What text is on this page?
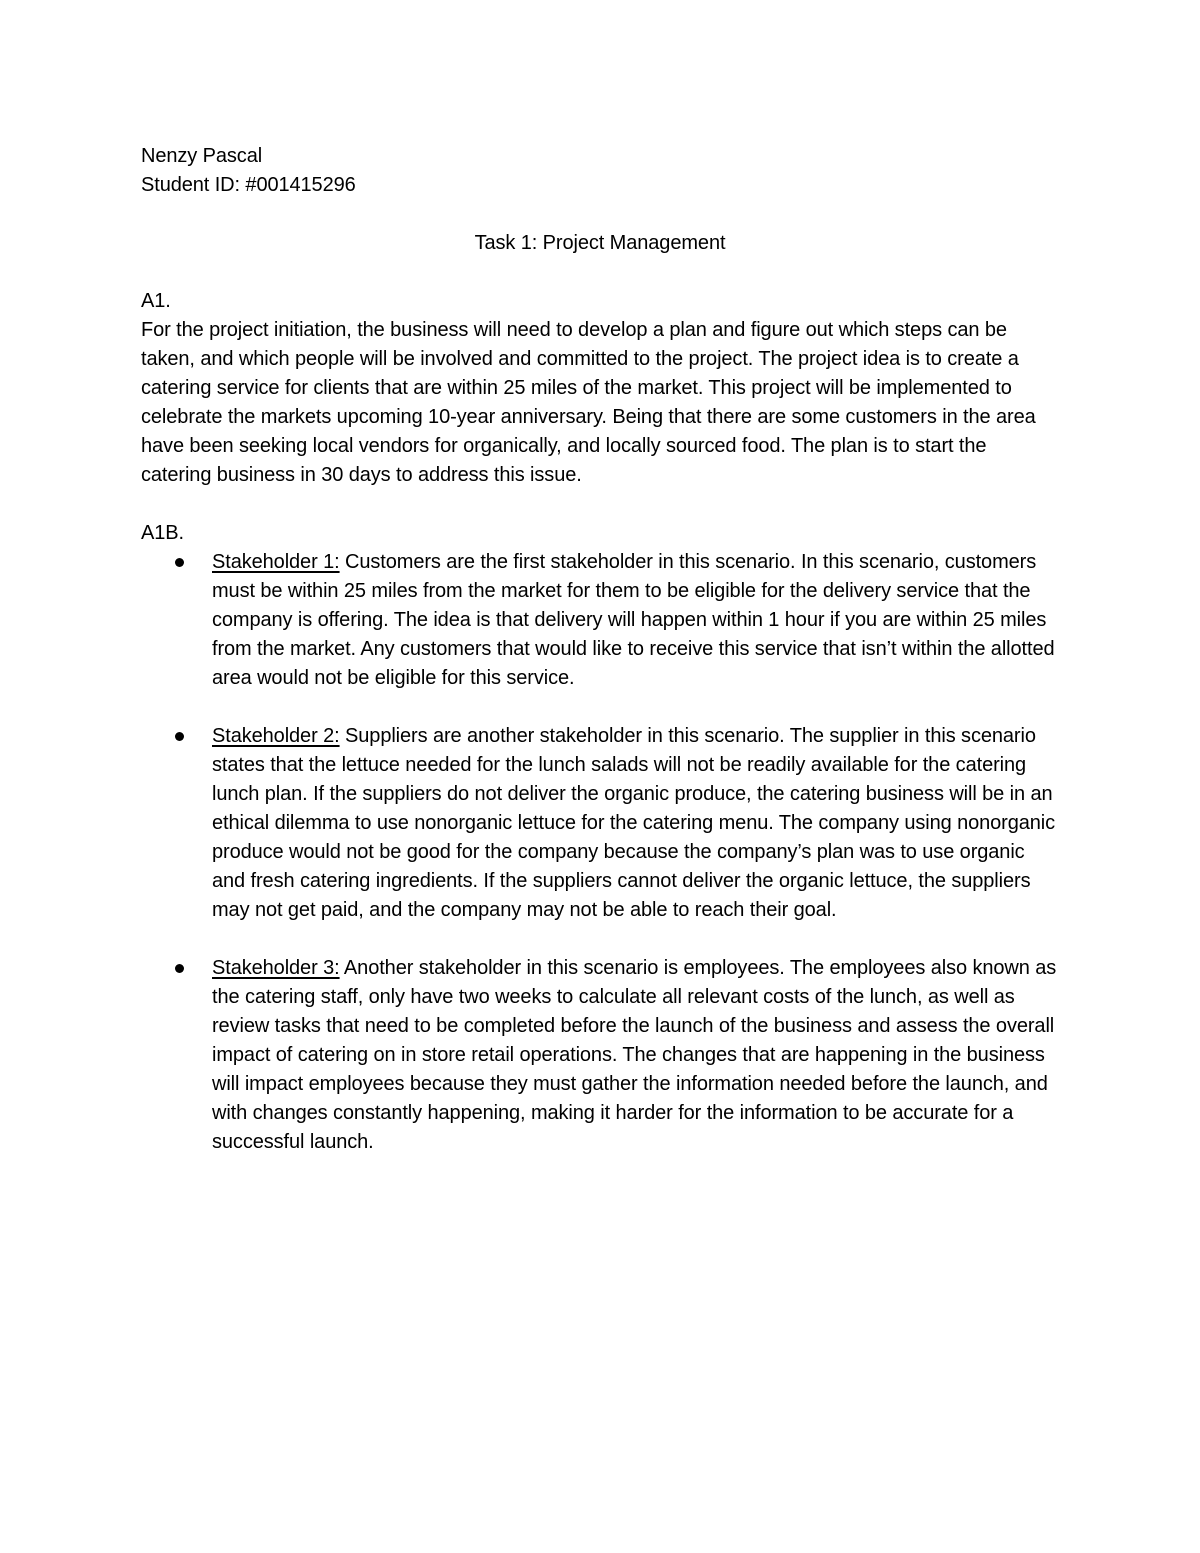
Nenzy Pascal

Student ID: #001415296

Task 1: Project Management

A1.

For the project initiation, the business will need to develop a plan and figure out which steps can be taken, and which people will be involved and committed to the project. The project idea is to create a catering service for clients that are within 25 miles of the market. This project will be implemented to celebrate the markets upcoming 10-year anniversary. Being that there are some customers in the area have been seeking local vendors for organically, and locally sourced food. The plan is to start the catering business in 30 days to address this issue.

A1B.

Stakeholder 1: Customers are the first stakeholder in this scenario. In this scenario, customers must be within 25 miles from the market for them to be eligible for the delivery service that the company is offering. The idea is that delivery will happen within 1 hour if you are within 25 miles from the market. Any customers that would like to receive this service that isn’t within the allotted area would not be eligible for this service.
Stakeholder 2: Suppliers are another stakeholder in this scenario. The supplier in this scenario states that the lettuce needed for the lunch salads will not be readily available for the catering lunch plan. If the suppliers do not deliver the organic produce, the catering business will be in an ethical dilemma to use nonorganic lettuce for the catering menu. The company using nonorganic produce would not be good for the company because the company’s plan was to use organic and fresh catering ingredients. If the suppliers cannot deliver the organic lettuce, the suppliers may not get paid, and the company may not be able to reach their goal.
Stakeholder 3: Another stakeholder in this scenario is employees. The employees also known as the catering staff, only have two weeks to calculate all relevant costs of the lunch, as well as review tasks that need to be completed before the launch of the business and assess the overall impact of catering on in store retail operations. The changes that are happening in the business will impact employees because they must gather the information needed before the launch, and with changes constantly happening, making it harder for the information to be accurate for a successful launch.
